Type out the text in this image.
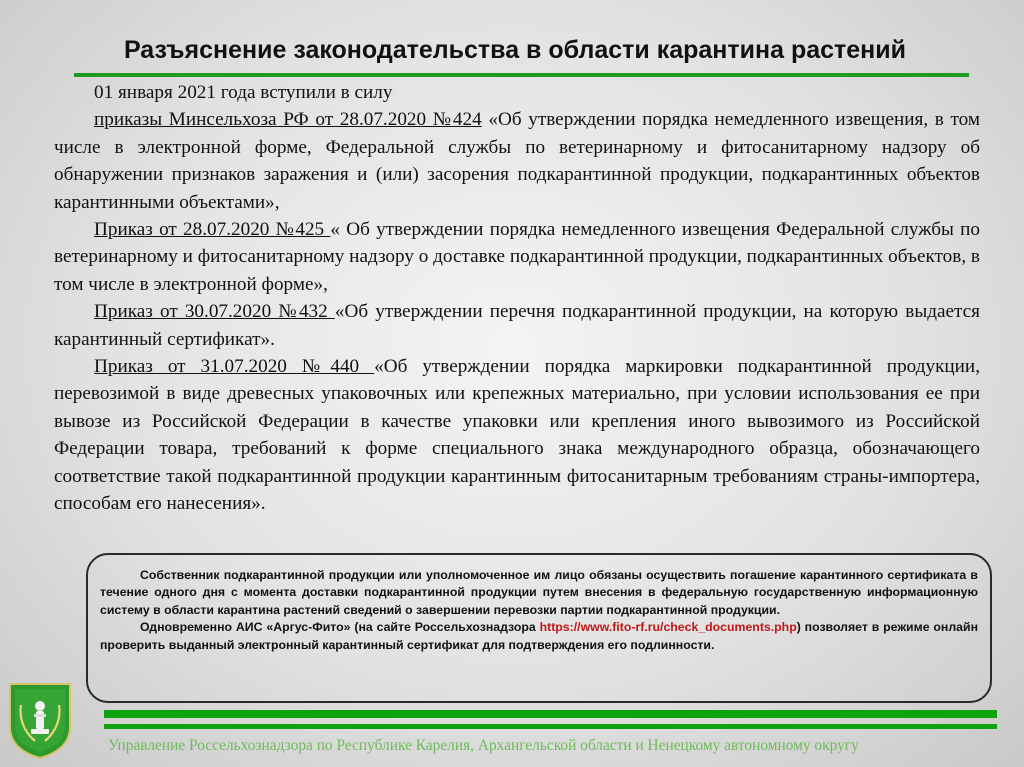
Разъяснение законодательства в области карантина растений

01 января 2021 года вступили в силу

приказы Минсельхоза РФ от 28.07.2020 №424 «Об утверждении порядка немедленного извещения, в том числе в электронной форме, Федеральной службы по ветеринарному и фитосанитарному надзору об обнаружении признаков заражения и (или) засорения подкарантинной продукции, подкарантинных объектов карантинными объектами»,

Приказ от 28.07.2020 №425 « Об утверждении порядка немедленного извещения Федеральной службы по ветеринарному и фитосанитарному надзору о доставке подкарантинной продукции, подкарантинных объектов, в том числе в электронной форме»,

Приказ от 30.07.2020 №432 «Об утверждении перечня подкарантинной продукции, на которую выдается карантинный сертификат».

Приказ от 31.07.2020 №440 «Об утверждении порядка маркировки подкарантинной продукции, перевозимой в виде древесных упаковочных или крепежных материально, при условии использования ее при вывозе из Российской Федерации в качестве упаковки или крепления иного вывозимого из Российской Федерации товара, требований к форме специального знака международного образца, обозначающего соответствие такой подкарантинной продукции карантинным фитосанитарным требованиям страны-импортера, способам его нанесения».

Собственник подкарантинной продукции или уполномоченное им лицо обязаны осуществить погашение карантинного сертификата в течение одного дня с момента доставки подкарантинной продукции путем внесения в федеральную государственную информационную систему в области карантина растений сведений о завершении перевозки партии подкарантинной продукции.

Одновременно АИС «Аргус-Фито» (на сайте Россельхознадзора https://www.fito-rf.ru/check_documents.php) позволяет в режиме онлайн проверить выданный электронный карантинный сертификат для подтверждения его подлинности.

Управление Россельхознадзора по Республике Карелия, Архангельской области и Ненецкому автономному округу
